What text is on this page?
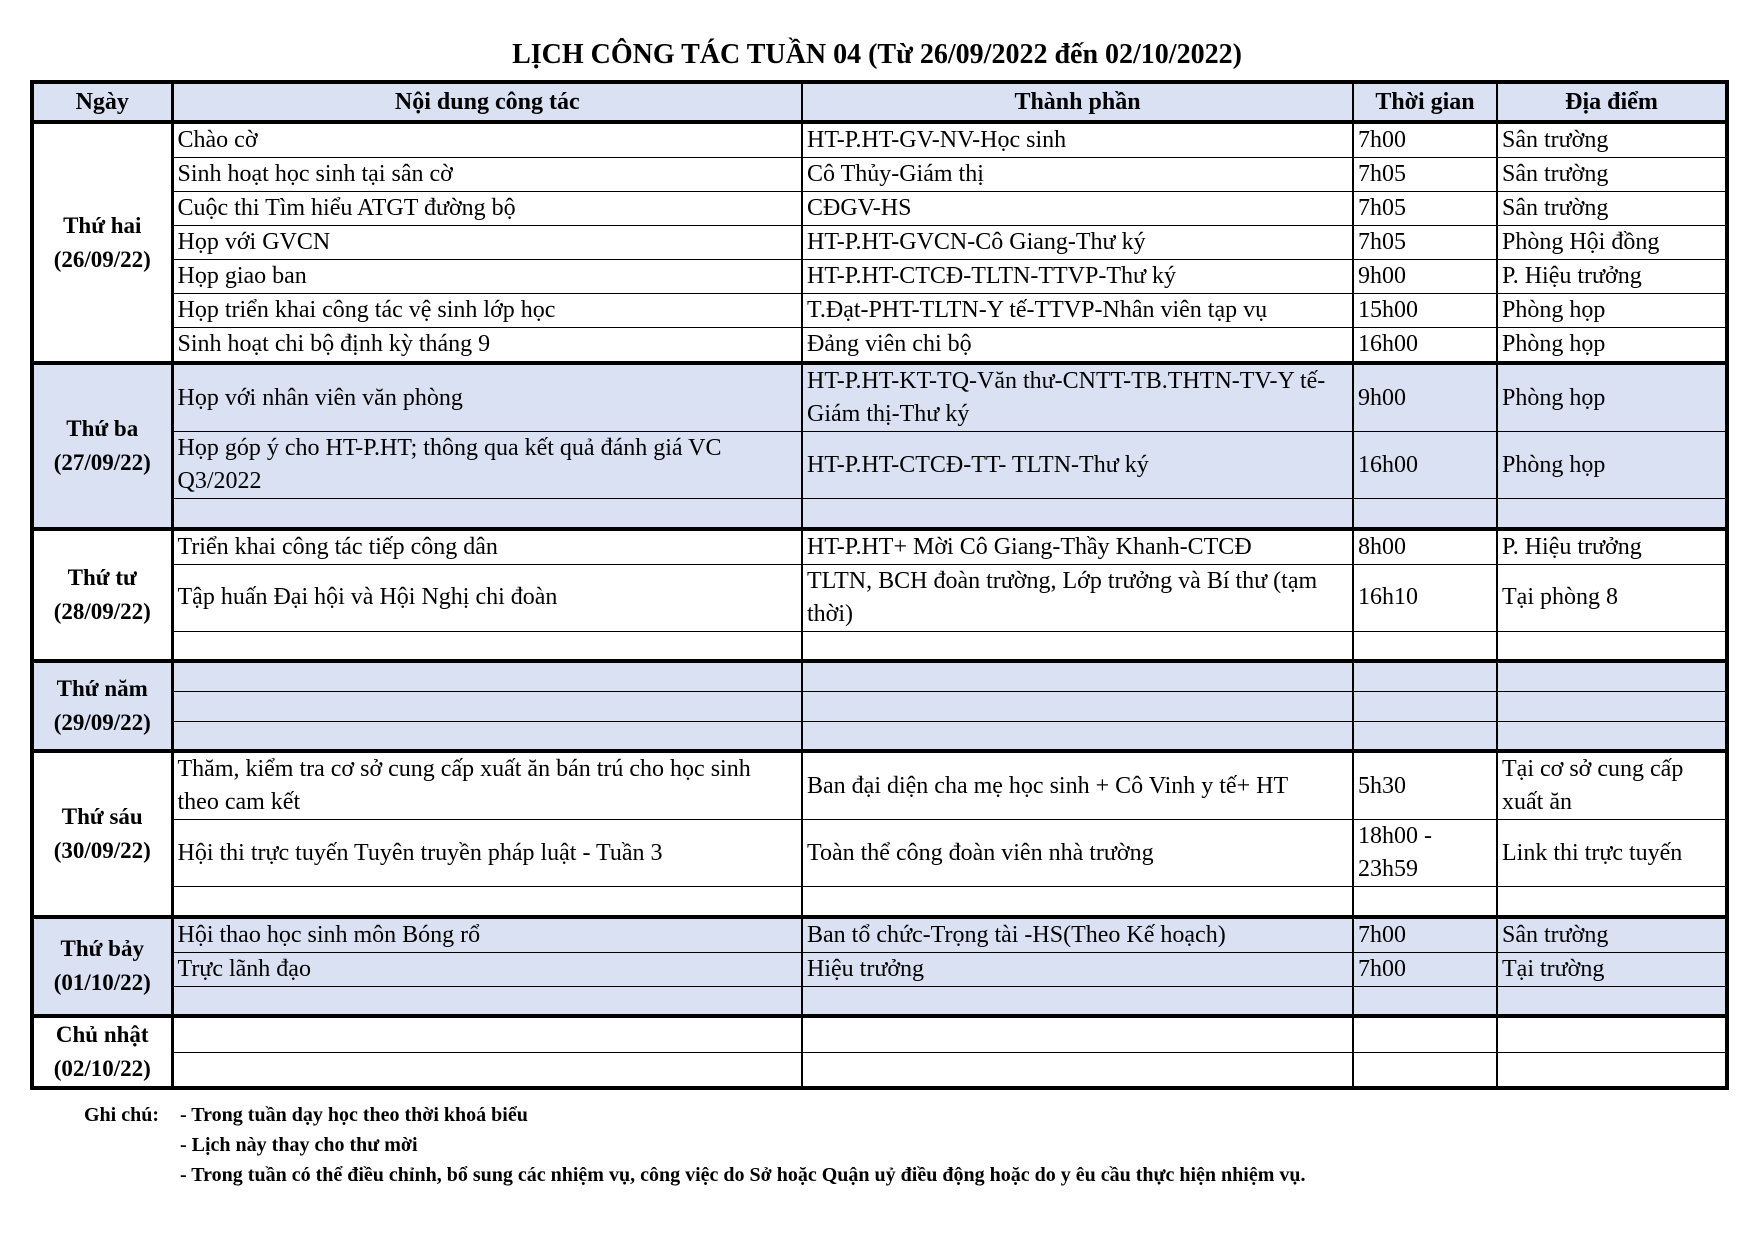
LỊCH CÔNG TÁC TUẦN 04 (Từ 26/09/2022 đến 02/10/2022)
Ngày	Nội dung công tác	Thành phần	Thời gian	Địa điểm

Thứ hai
(26/09/22)	Chào cờ	HT-P.HT-GV-NV-Học sinh	7h00	Sân trường
	Sinh hoạt học sinh tại sân cờ	Cô Thủy-Giám thị	7h05	Sân trường
	Cuộc thi Tìm hiểu ATGT đường bộ	CĐGV-HS	7h05	Sân trường
	Họp với GVCN	HT-P.HT-GVCN-Cô Giang-Thư ký	7h05	Phòng Hội đồng
	Họp giao ban	HT-P.HT-CTCĐ-TLTN-TTVP-Thư ký	9h00	P. Hiệu trưởng
	Họp triển khai công tác vệ sinh lớp học	T.Đạt-PHT-TLTN-Y tế-TTVP-Nhân viên tạp vụ	15h00	Phòng họp
	Sinh hoạt chi bộ định kỳ tháng 9	Đảng viên chi bộ	16h00	Phòng họp

Thứ ba
(27/09/22)	Họp với nhân viên văn phòng	HT-P.HT-KT-TQ-Văn thư-CNTT-TB.THTN-TV-Y tế-Giám thị-Thư ký	9h00	Phòng họp
	Họp góp ý cho HT-P.HT; thông qua kết quả đánh giá VC Q3/2022	HT-P.HT-CTCĐ-TT- TLTN-Thư ký	16h00	Phòng họp

Thứ tư
(28/09/22)	Triển khai công tác tiếp công dân	HT-P.HT+ Mời Cô Giang-Thầy Khanh-CTCĐ	8h00	P. Hiệu trưởng
	Tập huấn Đại hội và Hội Nghị chi đoàn	TLTN, BCH đoàn trường, Lớp trưởng và Bí thư (tạm thời)	16h10	Tại phòng 8

Thứ năm
(29/09/22)				

Thứ sáu
(30/09/22)	Thăm, kiểm tra cơ sở cung cấp xuất ăn bán trú cho học sinh theo cam kết	Ban đại diện cha mẹ học sinh + Cô Vinh y tế+ HT	5h30	Tại cơ sở cung cấp xuất ăn
	Hội thi trực tuyến Tuyên truyền pháp luật - Tuần 3	Toàn thể công đoàn viên nhà trường	18h00 - 23h59	Link thi trực tuyến

Thứ bảy
(01/10/22)	Hội thao học sinh môn Bóng rổ	Ban tổ chức-Trọng tài -HS(Theo Kế hoạch)	7h00	Sân trường
	Trực lãnh đạo	Hiệu trưởng	7h00	Tại trường

Chủ nhật
(02/10/22)				

Ghi chú:	- Trong tuần dạy học theo thời khoá biểu
- Lịch này thay cho thư mời
- Trong tuần có thể điều chỉnh, bổ sung các nhiệm vụ, công việc do Sở hoặc Quận uỷ điều động hoặc do y êu cầu thực hiện nhiệm vụ.
